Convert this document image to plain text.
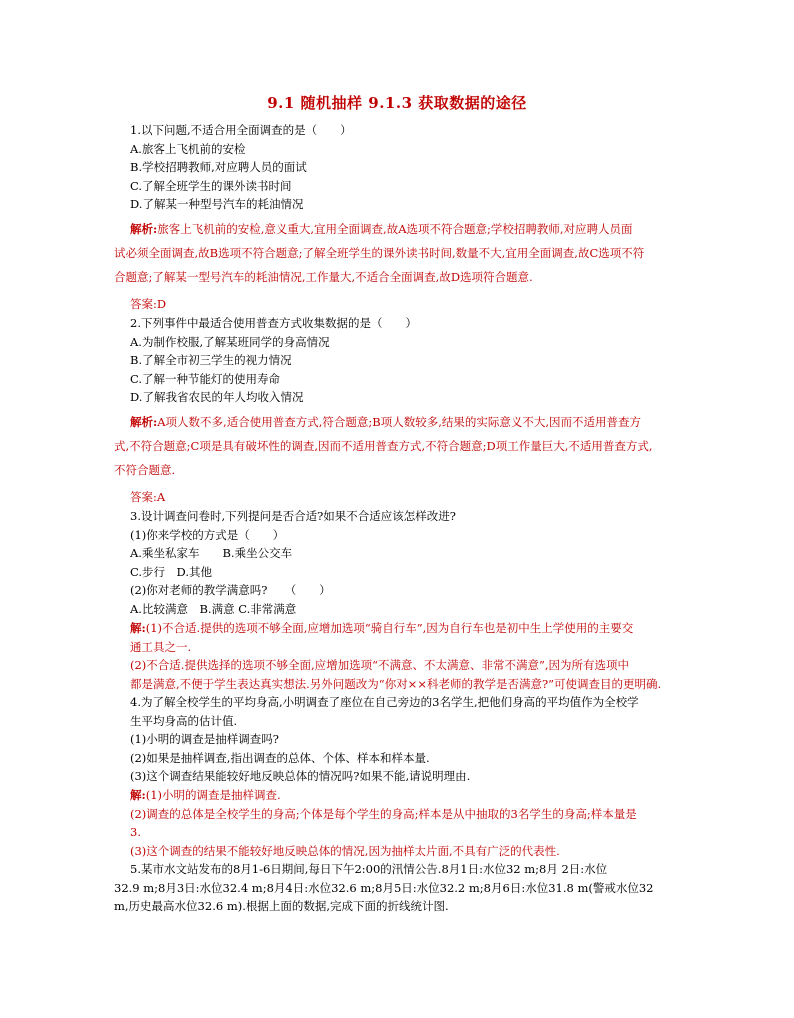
9.1 随机抽样 9.1.3 获取数据的途径
1.以下问题,不适合用全面调查的是（　　）
A.旅客上飞机前的安检
B.学校招聘教师,对应聘人员的面试
C.了解全班学生的课外读书时间
D.了解某一种型号汽车的耗油情况
解析:旅客上飞机前的安检,意义重大,宜用全面调查,故A选项不符合题意;学校招聘教师,对应聘人员面
试必须全面调查,故B选项不符合题意;了解全班学生的课外读书时间,数量不大,宜用全面调查,故C选项不符
合题意;了解某一型号汽车的耗油情况,工作量大,不适合全面调查,故D选项符合题意.
答案:D
2.下列事件中最适合使用普查方式收集数据的是（　　）
A.为制作校服,了解某班同学的身高情况
B.了解全市初三学生的视力情况
C.了解一种节能灯的使用寿命
D.了解我省农民的年人均收入情况
解析:A项人数不多,适合使用普查方式,符合题意;B项人数较多,结果的实际意义不大,因而不适用普查方
式,不符合题意;C项是具有破坏性的调查,因而不适用普查方式,不符合题意;D项工作量巨大,不适用普查方式,
不符合题意.
答案:A
3.设计调查问卷时,下列提问是否合适?如果不合适应该怎样改进?
(1)你来学校的方式是（　　）
A.乘坐私家车　　B.乘坐公交车
C.步行　D.其他
(2)你对老师的教学满意吗?　　（　　）
A.比较满意　B.满意 C.非常满意
解:(1)不合适.提供的选项不够全面,应增加选项“骑自行车”,因为自行车也是初中生上学使用的主要交
通工具之一.
(2)不合适.提供选择的选项不够全面,应增加选项“不满意、不太满意、非常不满意”,因为所有选项中
都是满意,不便于学生表达真实想法.另外问题改为“你对××科老师的教学是否满意?”可使调查目的更明确.
4.为了解全校学生的平均身高,小明调查了座位在自己旁边的3名学生,把他们身高的平均值作为全校学
生平均身高的估计值.
(1)小明的调查是抽样调查吗?
(2)如果是抽样调查,指出调查的总体、个体、样本和样本量.
(3)这个调查结果能较好地反映总体的情况吗?如果不能,请说明理由.
解:(1)小明的调查是抽样调查.
(2)调查的总体是全校学生的身高;个体是每个学生的身高;样本是从中抽取的3名学生的身高;样本量是
3.
(3)这个调查的结果不能较好地反映总体的情况,因为抽样太片面,不具有广泛的代表性.
5.某市水文站发布的8月1-6日期间,每日下午2:00的汛情公告.8月1日:水位32 m;8月 2日:水位
32.9 m;8月3日:水位32.4 m;8月4日:水位32.6 m;8月5日:水位32.2 m;8月6日:水位31.8 m(警戒水位32
m,历史最高水位32.6 m).根据上面的数据,完成下面的折线统计图.
